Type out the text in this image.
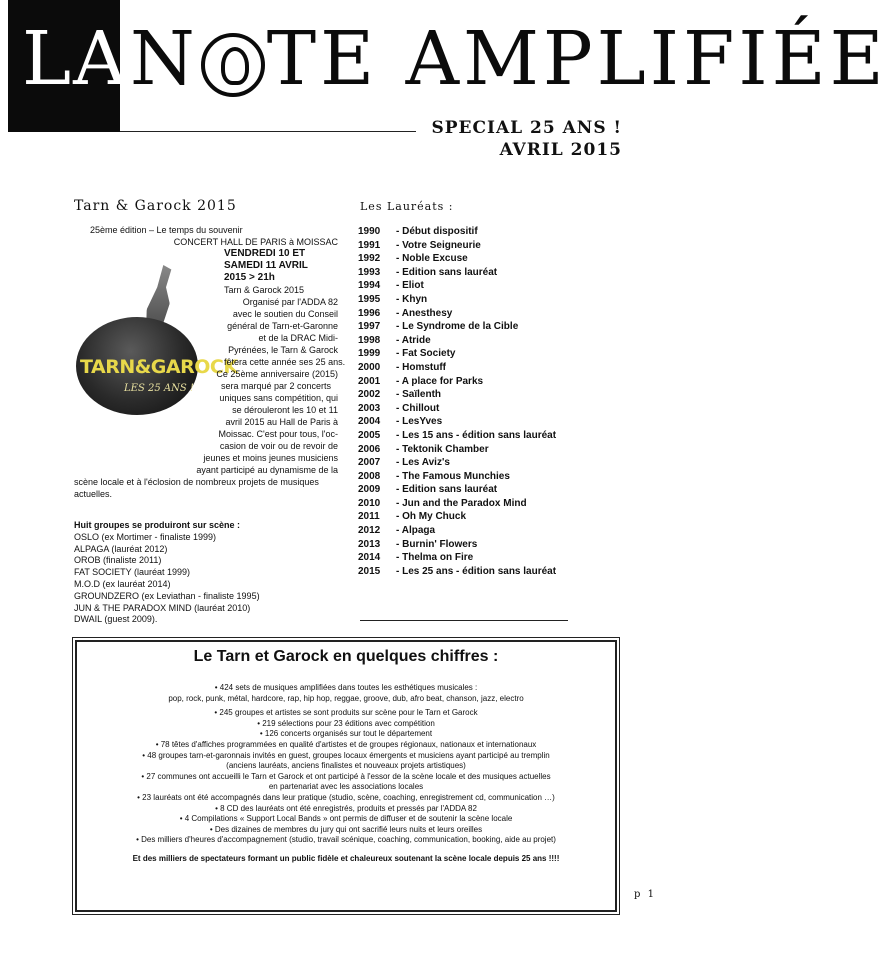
LA N TE AMPLIFIÉE
SPECIAL 25 ANS !
AVRIL 2015
Tarn & Garock 2015
25ème édition – Le temps du souvenir
CONCERT HALL DE PARIS à MOISSAC
TARN&GAROCK
LES 25 ANS !
VENDREDI 10 ET
SAMEDI 11 AVRIL
2015 > 21h
Tarn & Garock 2015
Organisé par l'ADDA 82
avec le soutien du Conseil
général de Tarn-et-Garonne
et de la DRAC Midi-
Pyrénées, le Tarn & Garock
fêtera cette année ses 25 ans.
Ce 25ème anniversaire (2015)
sera marqué par 2 concerts
uniques sans compétition, qui
se dérouleront les 10 et 11
avril 2015 au Hall de Paris à
Moissac. C'est pour tous, l'oc-
casion de voir ou de revoir de
jeunes et moins jeunes musiciens
ayant participé au dynamisme de la
scène locale et à l'éclosion de nombreux projets de musiques
actuelles.
Huit groupes se produiront sur scène :
OSLO (ex Mortimer - finaliste 1999)
ALPAGA (lauréat 2012)
OROB (finaliste 2011)
FAT SOCIETY (lauréat 1999)
M.O.D (ex lauréat 2014)
GROUNDZERO (ex Leviathan - finaliste 1995)
JUN & THE PARADOX MIND (lauréat 2010)
DWAIL (guest 2009).
Les Lauréats :
1990 - Début dispositif
1991 - Votre Seigneurie
1992 - Noble Excuse
1993 - Edition sans lauréat
1994 - Eliot
1995 - Khyn
1996 - Anesthesy
1997 - Le Syndrome de la Cible
1998 - Atride
1999 - Fat Society
2000 - Homstuff
2001 - A place for Parks
2002 - Saïlenth
2003 - Chillout
2004 - LesYves
2005 - Les 15 ans - édition sans lauréat
2006 - Tektonik Chamber
2007 - Les Aviz's
2008 - The Famous Munchies
2009 - Edition sans lauréat
2010 - Jun and the Paradox Mind
2011 - Oh My Chuck
2012 - Alpaga
2013 - Burnin' Flowers
2014 - Thelma on Fire
2015 - Les 25 ans - édition sans lauréat
Le Tarn et Garock en quelques chiffres :
• 424 sets de musiques amplifiées dans toutes les esthétiques musicales :
pop, rock, punk, métal, hardcore, rap, hip hop, reggae, groove, dub, afro beat, chanson, jazz, electro
• 245 groupes et artistes se sont produits sur scène pour le Tarn et Garock
• 219 sélections pour 23 éditions avec compétition
• 126 concerts organisés sur tout le département
• 78 têtes d'affiches programmées en qualité d'artistes et de groupes régionaux, nationaux et internationaux
• 48 groupes tarn-et-garonnais invités en guest, groupes locaux émergents et musiciens ayant participé au tremplin
(anciens lauréats, anciens finalistes et nouveaux projets artistiques)
• 27 communes ont accueilli le Tarn et Garock et ont participé à l'essor de la scène locale et des musiques actuelles
en partenariat avec les associations locales
• 23 lauréats ont été accompagnés dans leur pratique (studio, scène, coaching, enregistrement cd, communication …)
• 8 CD des lauréats ont été enregistrés, produits et pressés par l'ADDA 82
• 4 Compilations « Support Local Bands » ont permis de diffuser et de soutenir la scène locale
• Des dizaines de membres du jury qui ont sacrifié leurs nuits et leurs oreilles
• Des milliers d'heures d'accompagnement (studio, travail scénique, coaching, communication, booking, aide au projet)
Et des milliers de spectateurs formant un public fidèle et chaleureux soutenant la scène locale depuis 25 ans !!!!
p 1
